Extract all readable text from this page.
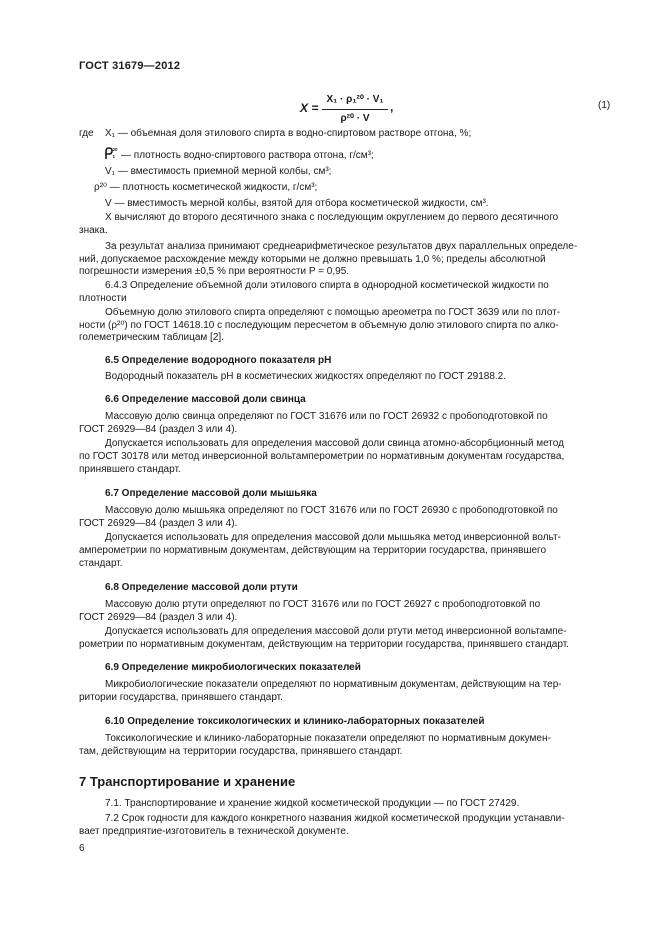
ГОСТ 31679—2012
X =
X₁ · ρ₁²⁰ · V₁
ρ²⁰ · V
,	(1)
где X₁ — объемная доля этилового спирта в водно-спиртовом растворе отгона, %;
20
1 — плотность водно-спиртового раствора отгона, г/см³;
V₁ — вместимость приемной мерной колбы, см³;
ρ²⁰ — плотность косметической жидкости, г/см³;
V — вместимость мерной колбы, взятой для отбора косметической жидкости, см³.
X вычисляют до второго десятичного знака с последующим округлением до первого десятичного
знака.
За результат анализа принимают среднеарифметическое результатов двух параллельных определе-
ний, допускаемое расхождение между которыми не должно превышать 1,0 %; пределы абсолютной
погрешности измерения ±0,5 % при вероятности P = 0,95.
6.4.3 Определение объемной доли этилового спирта в однородной косметической жидкости по
плотности
Объемную долю этилового спирта определяют с помощью ареометра по ГОСТ 3639 или по плот-
ности (ρ²⁰) по ГОСТ 14618.10 с последующим пересчетом в объемную долю этилового спирта по алко-
големетрическим таблицам [2].
6.5 Определение водородного показателя pH
Водородный показатель pH в косметических жидкостях определяют по ГОСТ 29188.2.
6.6 Определение массовой доли свинца
Массовую долю свинца определяют по ГОСТ 31676 или по ГОСТ 26932 с пробоподготовкой по
ГОСТ 26929—84 (раздел 3 или 4).
Допускается использовать для определения массовой доли свинца атомно-абсорбционный метод
по ГОСТ 30178 или метод инверсионной вольтамперометрии по нормативным документам государства,
принявшего стандарт.
6.7 Определение массовой доли мышьяка
Массовую долю мышьяка определяют по ГОСТ 31676 или по ГОСТ 26930 с пробоподготовкой по
ГОСТ 26929—84 (раздел 3 или 4).
Допускается использовать для определения массовой доли мышьяка метод инверсионной вольт-
амперометрии по нормативным документам, действующим на территории государства, принявшего
стандарт.
6.8 Определение массовой доли ртути
Массовую долю ртути определяют по ГОСТ 31676 или по ГОСТ 26927 с пробоподготовкой по
ГОСТ 26929—84 (раздел 3 или 4).
Допускается использовать для определения массовой доли ртути метод инверсионной вольтампе-
рометрии по нормативным документам, действующим на территории государства, принявшего стандарт.
6.9 Определение микробиологических показателей
Микробиологические показатели определяют по нормативным документам, действующим на тер-
ритории государства, принявшего стандарт.
6.10 Определение токсикологических и клинико-лабораторных показателей
Токсикологические и клинико-лабораторные показатели определяют по нормативным докумен-
там, действующим на территории государства, принявшего стандарт.
7 Транспортирование и хранение
7.1. Транспортирование и хранение жидкой косметической продукции — по ГОСТ 27429.
7.2 Срок годности для каждого конкретного названия жидкой косметической продукции устанавли-
вает предприятие-изготовитель в технической документе.
6
